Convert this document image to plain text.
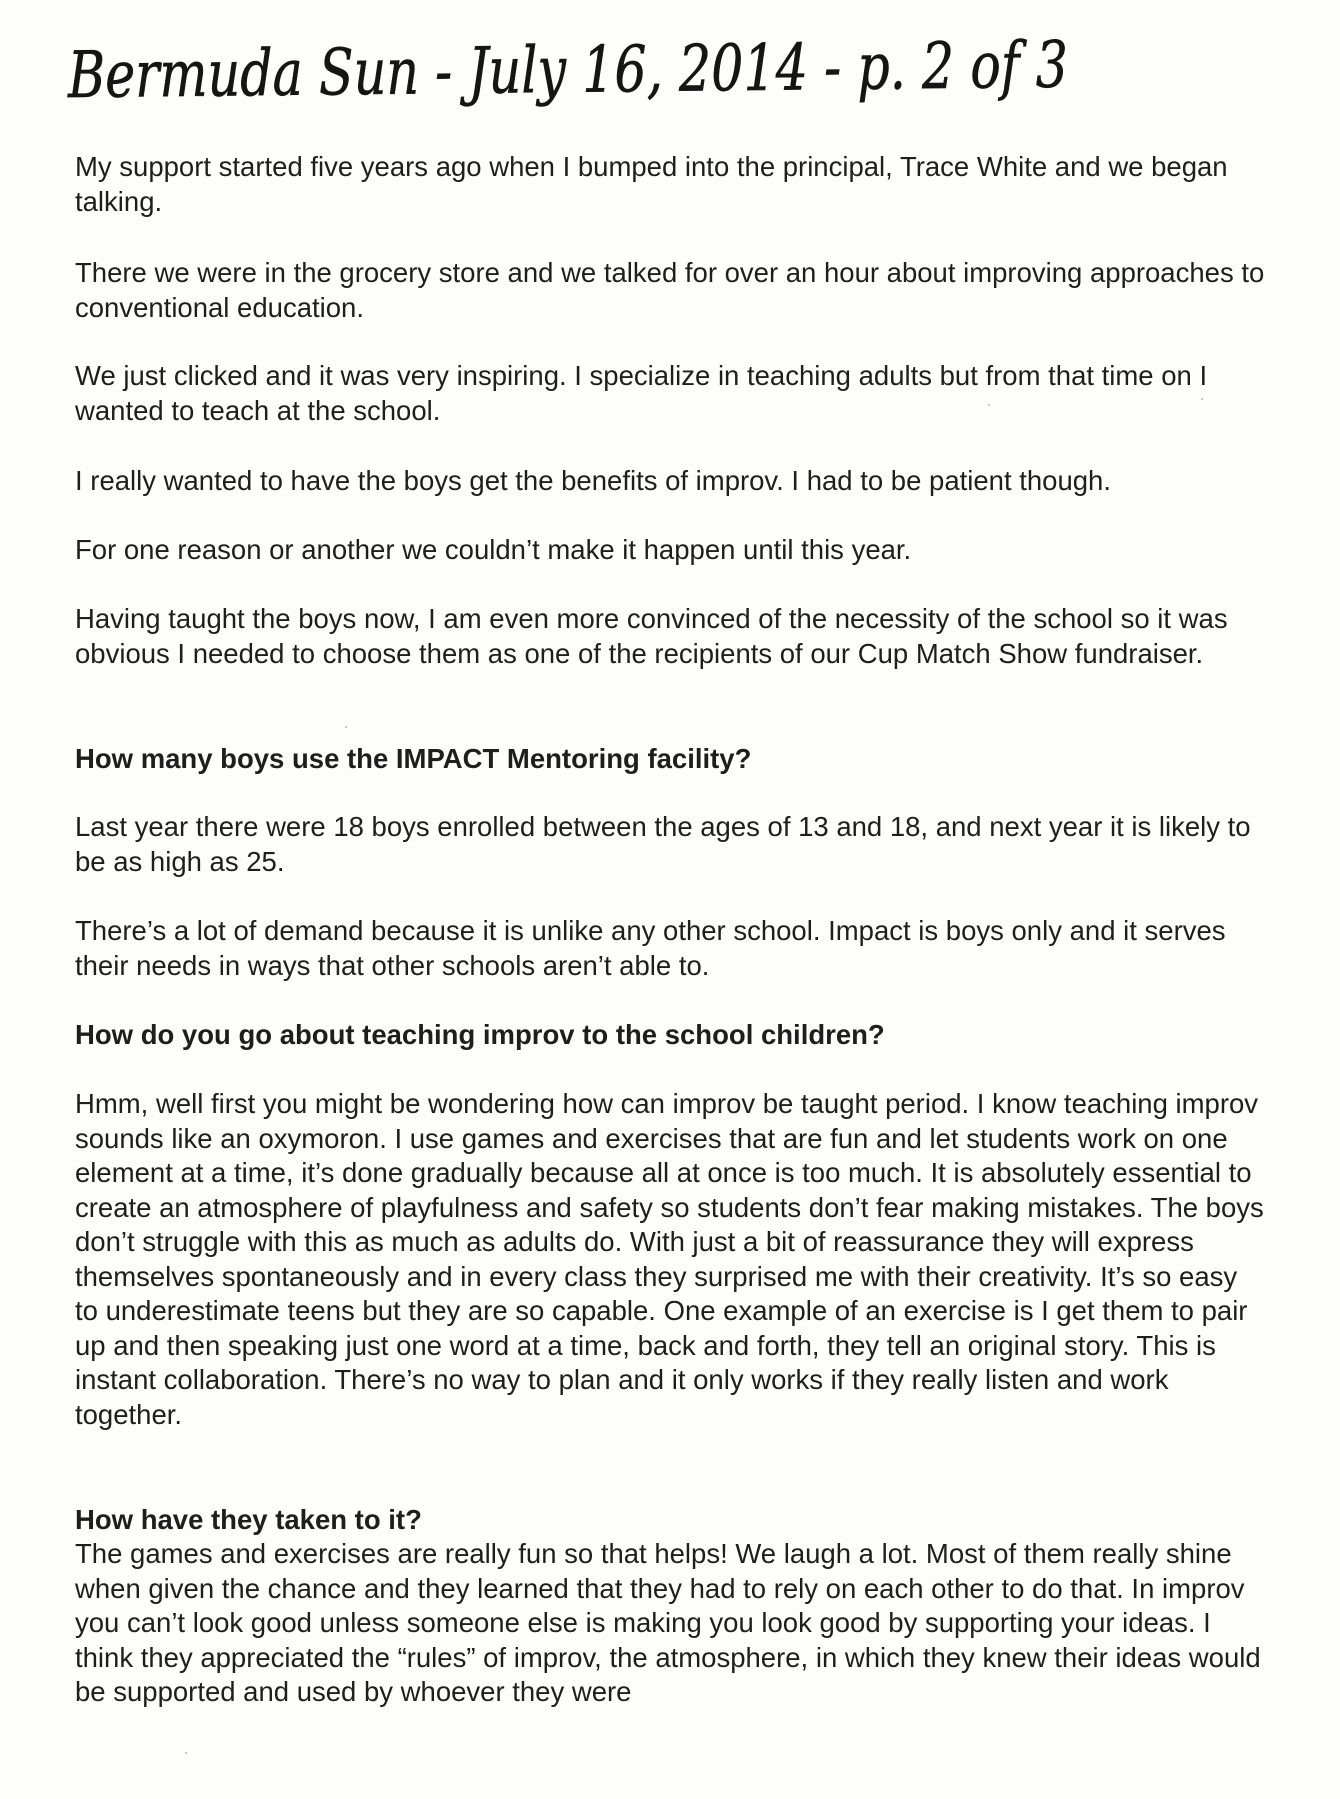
Bermuda Sun - July 16, 2014 - p. 2 of 3

My support started five years ago when I bumped into the principal, Trace White and we began talking.

There we were in the grocery store and we talked for over an hour about improving approaches to conventional education.

We just clicked and it was very inspiring. I specialize in teaching adults but from that time on I wanted to teach at the school.

I really wanted to have the boys get the benefits of improv. I had to be patient though.

For one reason or another we couldn’t make it happen until this year.

Having taught the boys now, I am even more convinced of the necessity of the school so it was obvious I needed to choose them as one of the recipients of our Cup Match Show fundraiser.

How many boys use the IMPACT Mentoring facility?

Last year there were 18 boys enrolled between the ages of 13 and 18, and next year it is likely to be as high as 25.

There’s a lot of demand because it is unlike any other school. Impact is boys only and it serves their needs in ways that other schools aren’t able to.

How do you go about teaching improv to the school children?

Hmm, well first you might be wondering how can improv be taught period. I know teaching improv sounds like an oxymoron. I use games and exercises that are fun and let students work on one element at a time, it’s done gradually because all at once is too much. It is absolutely essential to create an atmosphere of playfulness and safety so students don’t fear making mistakes. The boys don’t struggle with this as much as adults do. With just a bit of reassurance they will express themselves spontaneously and in every class they surprised me with their creativity. It’s so easy to underestimate teens but they are so capable. One example of an exercise is I get them to pair up and then speaking just one word at a time, back and forth, they tell an original story. This is instant collaboration. There’s no way to plan and it only works if they really listen and work together.

How have they taken to it?

The games and exercises are really fun so that helps! We laugh a lot. Most of them really shine when given the chance and they learned that they had to rely on each other to do that. In improv you can’t look good unless someone else is making you look good by supporting your ideas. I think they appreciated the “rules” of improv, the atmosphere, in which they knew their ideas would be supported and used by whoever they were
